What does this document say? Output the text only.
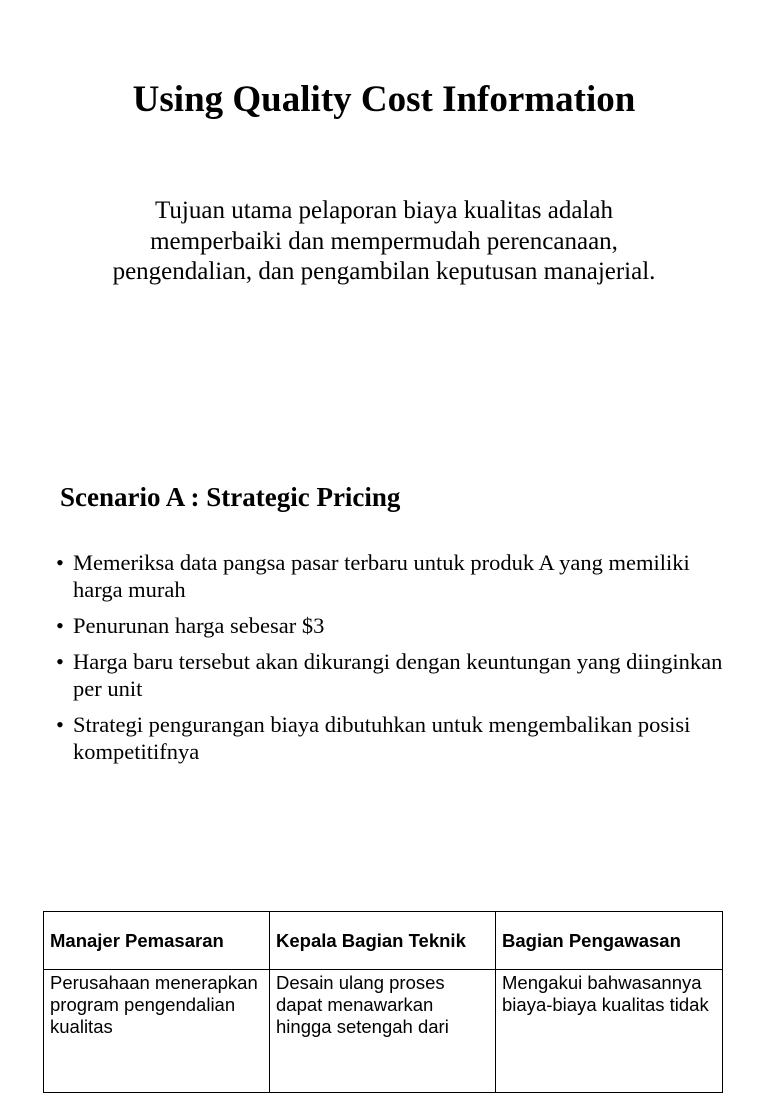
Using Quality Cost Information

Tujuan utama pelaporan biaya kualitas adalah memperbaiki dan mempermudah perencanaan, pengendalian, dan pengambilan keputusan manajerial.

Scenario A : Strategic Pricing
• Memeriksa data pangsa pasar terbaru untuk produk A yang memiliki harga murah
• Penurunan harga sebesar $3
• Harga baru tersebut akan dikurangi dengan keuntungan yang diinginkan per unit
• Strategi pengurangan biaya dibutuhkan untuk mengembalikan posisi kompetitifnya
Manajer Pemasaran	Kepala Bagian Teknik	Bagian Pengawasan
Perusahaan menerapkan program pengendalian kualitas	Desain ulang proses dapat menawarkan hingga setengah dari	Mengakui bahwasannya biaya-biaya kualitas tidak
